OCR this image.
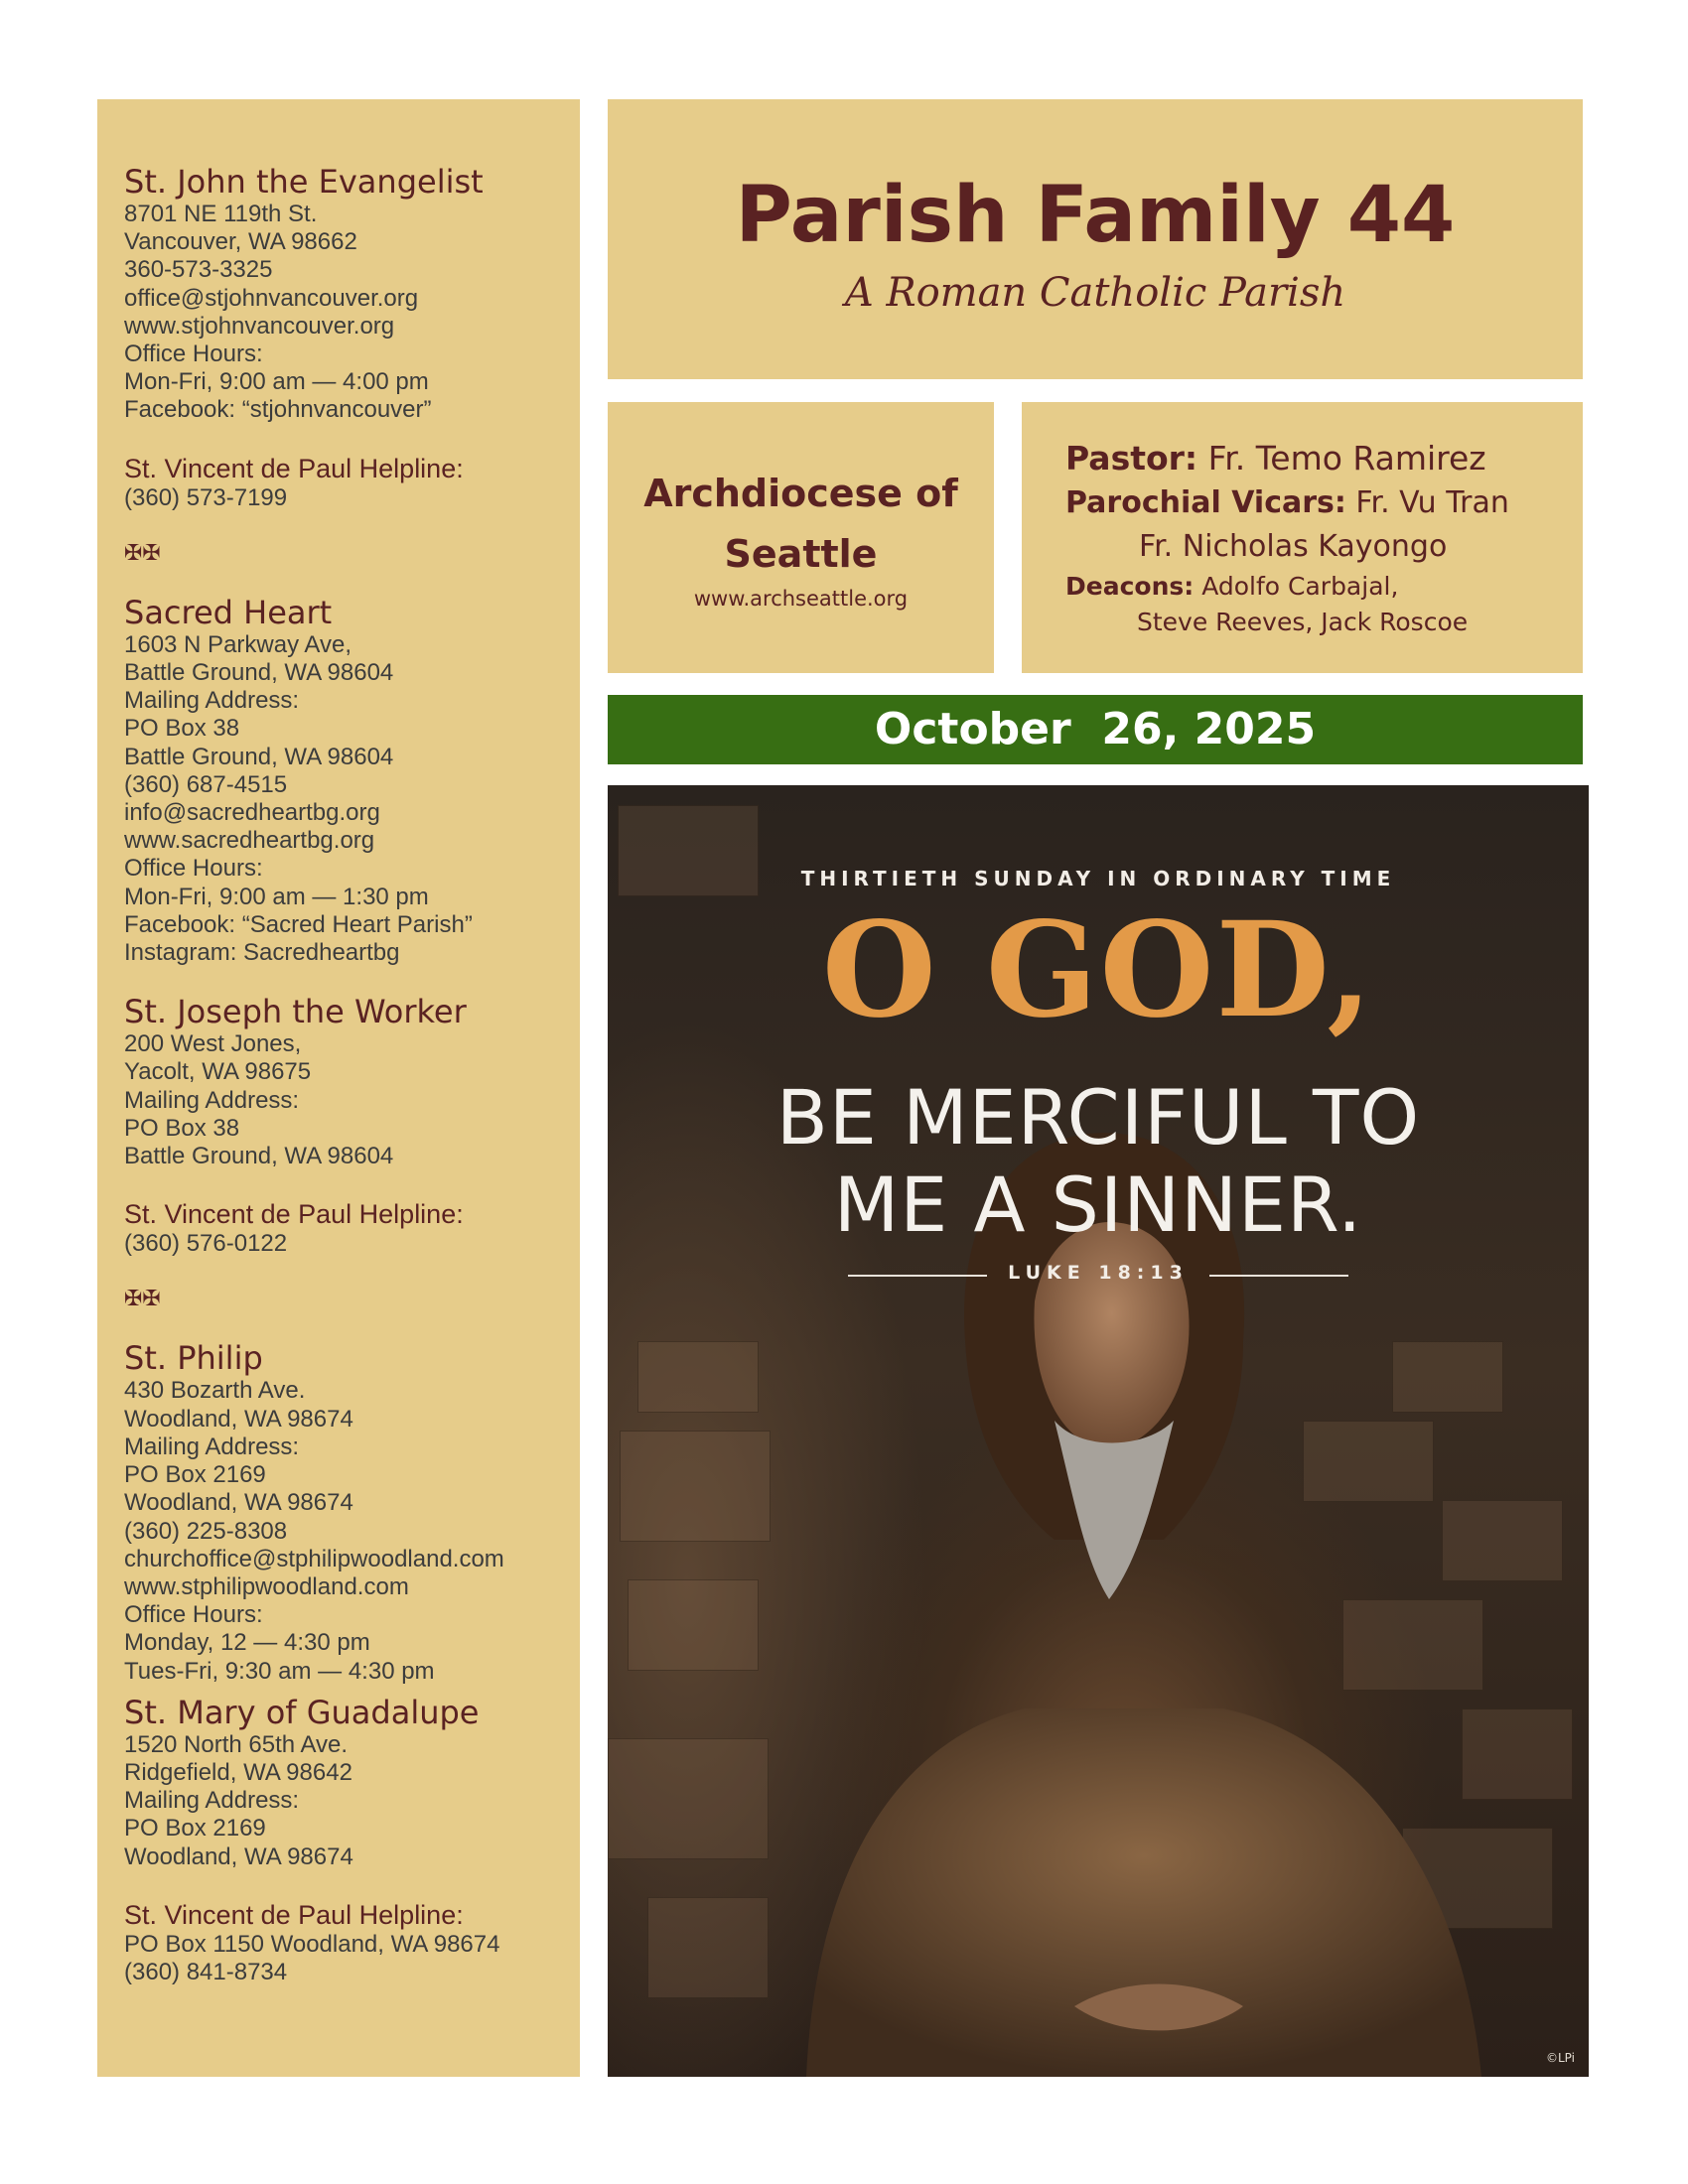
St. John the Evangelist
8701 NE 119th St.
Vancouver, WA 98662
360-573-3325
office@stjohnvancouver.org
www.stjohnvancouver.org
Office Hours:
Mon-Fri, 9:00 am — 4:00 pm
Facebook: “stjohnvancouver”
St. Vincent de Paul Helpline:
(360) 573-7199
✠✠
Sacred Heart
1603 N Parkway Ave,
Battle Ground, WA 98604
Mailing Address:
PO Box 38
Battle Ground, WA 98604
(360) 687-4515
info@sacredheartbg.org
www.sacredheartbg.org
Office Hours:
Mon-Fri, 9:00 am — 1:30 pm
Facebook: “Sacred Heart Parish”
Instagram: Sacredheartbg
St. Joseph the Worker
200 West Jones,
Yacolt, WA 98675
Mailing Address:
PO Box 38
Battle Ground, WA 98604
St. Vincent de Paul Helpline:
(360) 576-0122
✠✠
St. Philip
430 Bozarth Ave.
Woodland, WA 98674
Mailing Address:
PO Box 2169
Woodland, WA 98674
(360) 225-8308
churchoffice@stphilipwoodland.com
www.stphilipwoodland.com
Office Hours:
Monday, 12 — 4:30 pm
Tues-Fri, 9:30 am — 4:30 pm
St. Mary of Guadalupe
1520 North 65th Ave.
Ridgefield, WA 98642
Mailing Address:
PO Box 2169
Woodland, WA 98674
St. Vincent de Paul Helpline:
PO Box 1150 Woodland, WA 98674
(360) 841-8734
Parish Family 44
A Roman Catholic Parish
Archdiocese of
Seattle
www.archseattle.org
Pastor: Fr. Temo Ramirez
Parochial Vicars: Fr. Vu Tran
Fr. Nicholas Kayongo
Deacons: Adolfo Carbajal,
Steve Reeves, Jack Roscoe
October  26, 2025
THIRTIETH SUNDAY IN ORDINARY TIME
O GOD,
BE MERCIFUL TO
ME A SINNER.
LUKE 18:13
©LPi
